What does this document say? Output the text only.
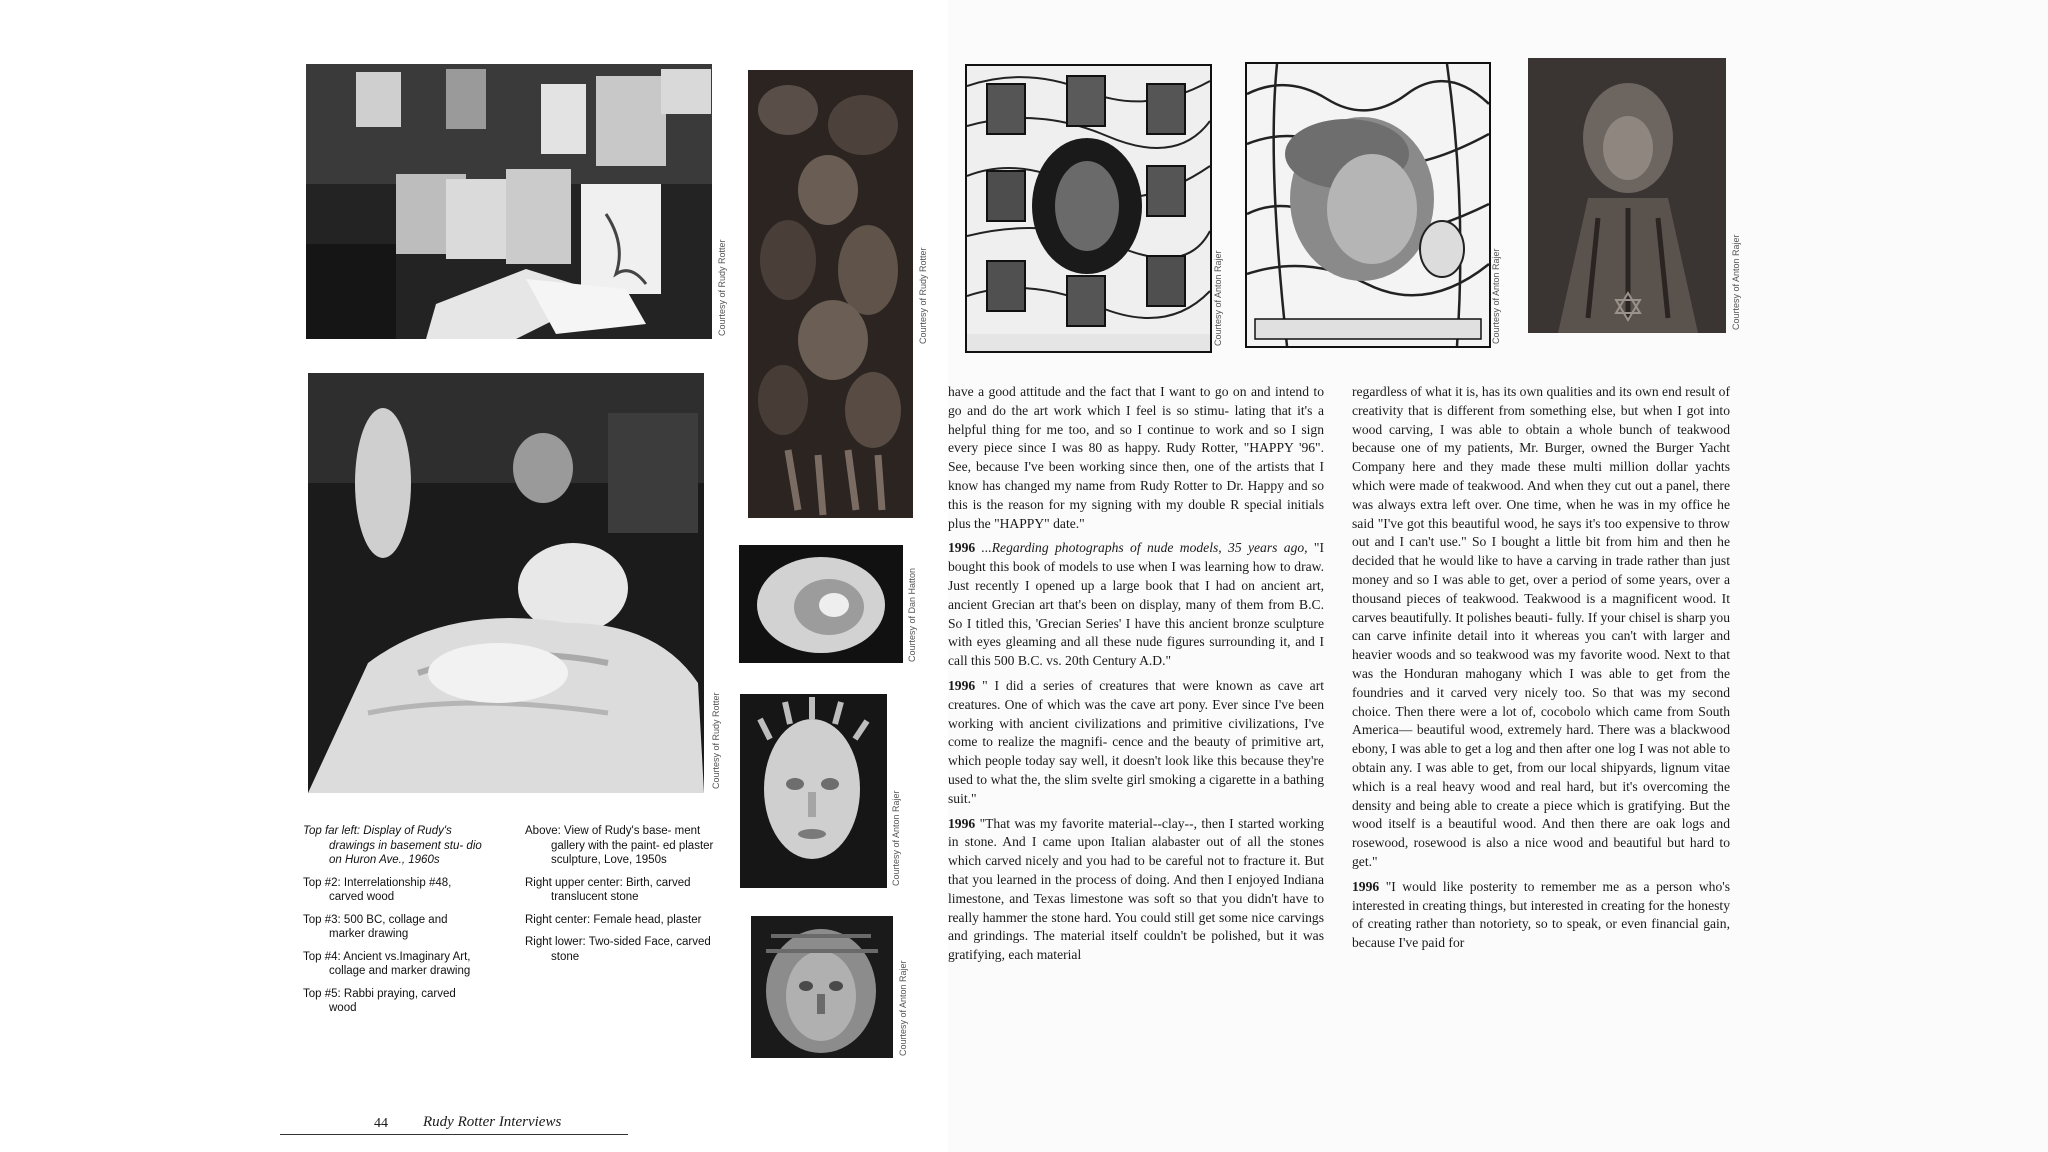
Courtesy of Rudy Rotter	Courtesy of Rudy Rotter	Courtesy of Anton Rajer	Courtesy of Anton Rajer	Courtesy of Anton Rajer
Courtesy of Rudy Rotter
Courtesy of Dan Hatton
Courtesy of Anton Rajer
Courtesy of Anton Rajer

Top far left: Display of Rudy's drawings in basement stu- dio on Huron Ave., 1960s

Top #2: Interrelationship #48, carved wood

Top #3: 500 BC, collage and marker drawing

Top #4: Ancient vs.Imaginary Art, collage and marker drawing

Top #5: Rabbi praying, carved wood

Above: View of Rudy's base- ment gallery with the paint- ed plaster sculpture, Love, 1950s

Right upper center: Birth, carved translucent stone

Right center: Female head, plaster

Right lower: Two-sided Face, carved stone

have a good attitude and the fact that I want to go on and intend to go and do the art work which I feel is so stimu- lating that it's a helpful thing for me too, and so I continue to work and so I sign every piece since I was 80 as happy. Rudy Rotter, "HAPPY '96". See, because I've been working since then, one of the artists that I know has changed my name from Rudy Rotter to Dr. Happy and so this is the reason for my signing with my double R special initials plus the "HAPPY" date."

1996 ...Regarding photographs of nude models, 35 years ago, "I bought this book of models to use when I was learning how to draw. Just recently I opened up a large book that I had on ancient art, ancient Grecian art that's been on display, many of them from B.C. So I titled this, 'Grecian Series' I have this ancient bronze sculpture with eyes gleaming and all these nude figures surrounding it, and I call this 500 B.C. vs. 20th Century A.D."

1996 " I did a series of creatures that were known as cave art creatures. One of which was the cave art pony. Ever since I've been working with ancient civilizations and primitive civilizations, I've come to realize the magnifi- cence and the beauty of primitive art, which people today say well, it doesn't look like this because they're used to what the, the slim svelte girl smoking a cigarette in a bathing suit."

1996 "That was my favorite material--clay--, then I started working in stone. And I came upon Italian alabaster out of all the stones which carved nicely and you had to be careful not to fracture it. But that you learned in the process of doing. And then I enjoyed Indiana limestone, and Texas limestone was soft so that you didn't have to really hammer the stone hard. You could still get some nice carvings and grindings. The material itself couldn't be polished, but it was gratifying, each material

regardless of what it is, has its own qualities and its own end result of creativity that is different from something else, but when I got into wood carving, I was able to obtain a whole bunch of teakwood because one of my patients, Mr. Burger, owned the Burger Yacht Company here and they made these multi million dollar yachts which were made of teakwood. And when they cut out a panel, there was always extra left over. One time, when he was in my office he said "I've got this beautiful wood, he says it's too expensive to throw out and I can't use." So I bought a little bit from him and then he decided that he would like to have a carving in trade rather than just money and so I was able to get, over a period of some years, over a thousand pieces of teakwood. Teakwood is a magnificent wood. It carves beautifully. It polishes beauti- fully. If your chisel is sharp you can carve infinite detail into it whereas you can't with larger and heavier woods and so teakwood was my favorite wood. Next to that was the Honduran mahogany which I was able to get from the foundries and it carved very nicely too. So that was my second choice. Then there were a lot of, cocobolo which came from South America— beautiful wood, extremely hard. There was a blackwood ebony, I was able to get a log and then after one log I was not able to obtain any. I was able to get, from our local shipyards, lignum vitae which is a real heavy wood and real hard, but it's overcoming the density and being able to create a piece which is gratifying. But the wood itself is a beautiful wood. And then there are oak logs and rosewood, rosewood is also a nice wood and beautiful but hard to get."

1996 "I would like posterity to remember me as a person who's interested in creating things, but interested in creating for the honesty of creating rather than notoriety, so to speak, or even financial gain, because I've paid for

44 Rudy Rotter Interviews
